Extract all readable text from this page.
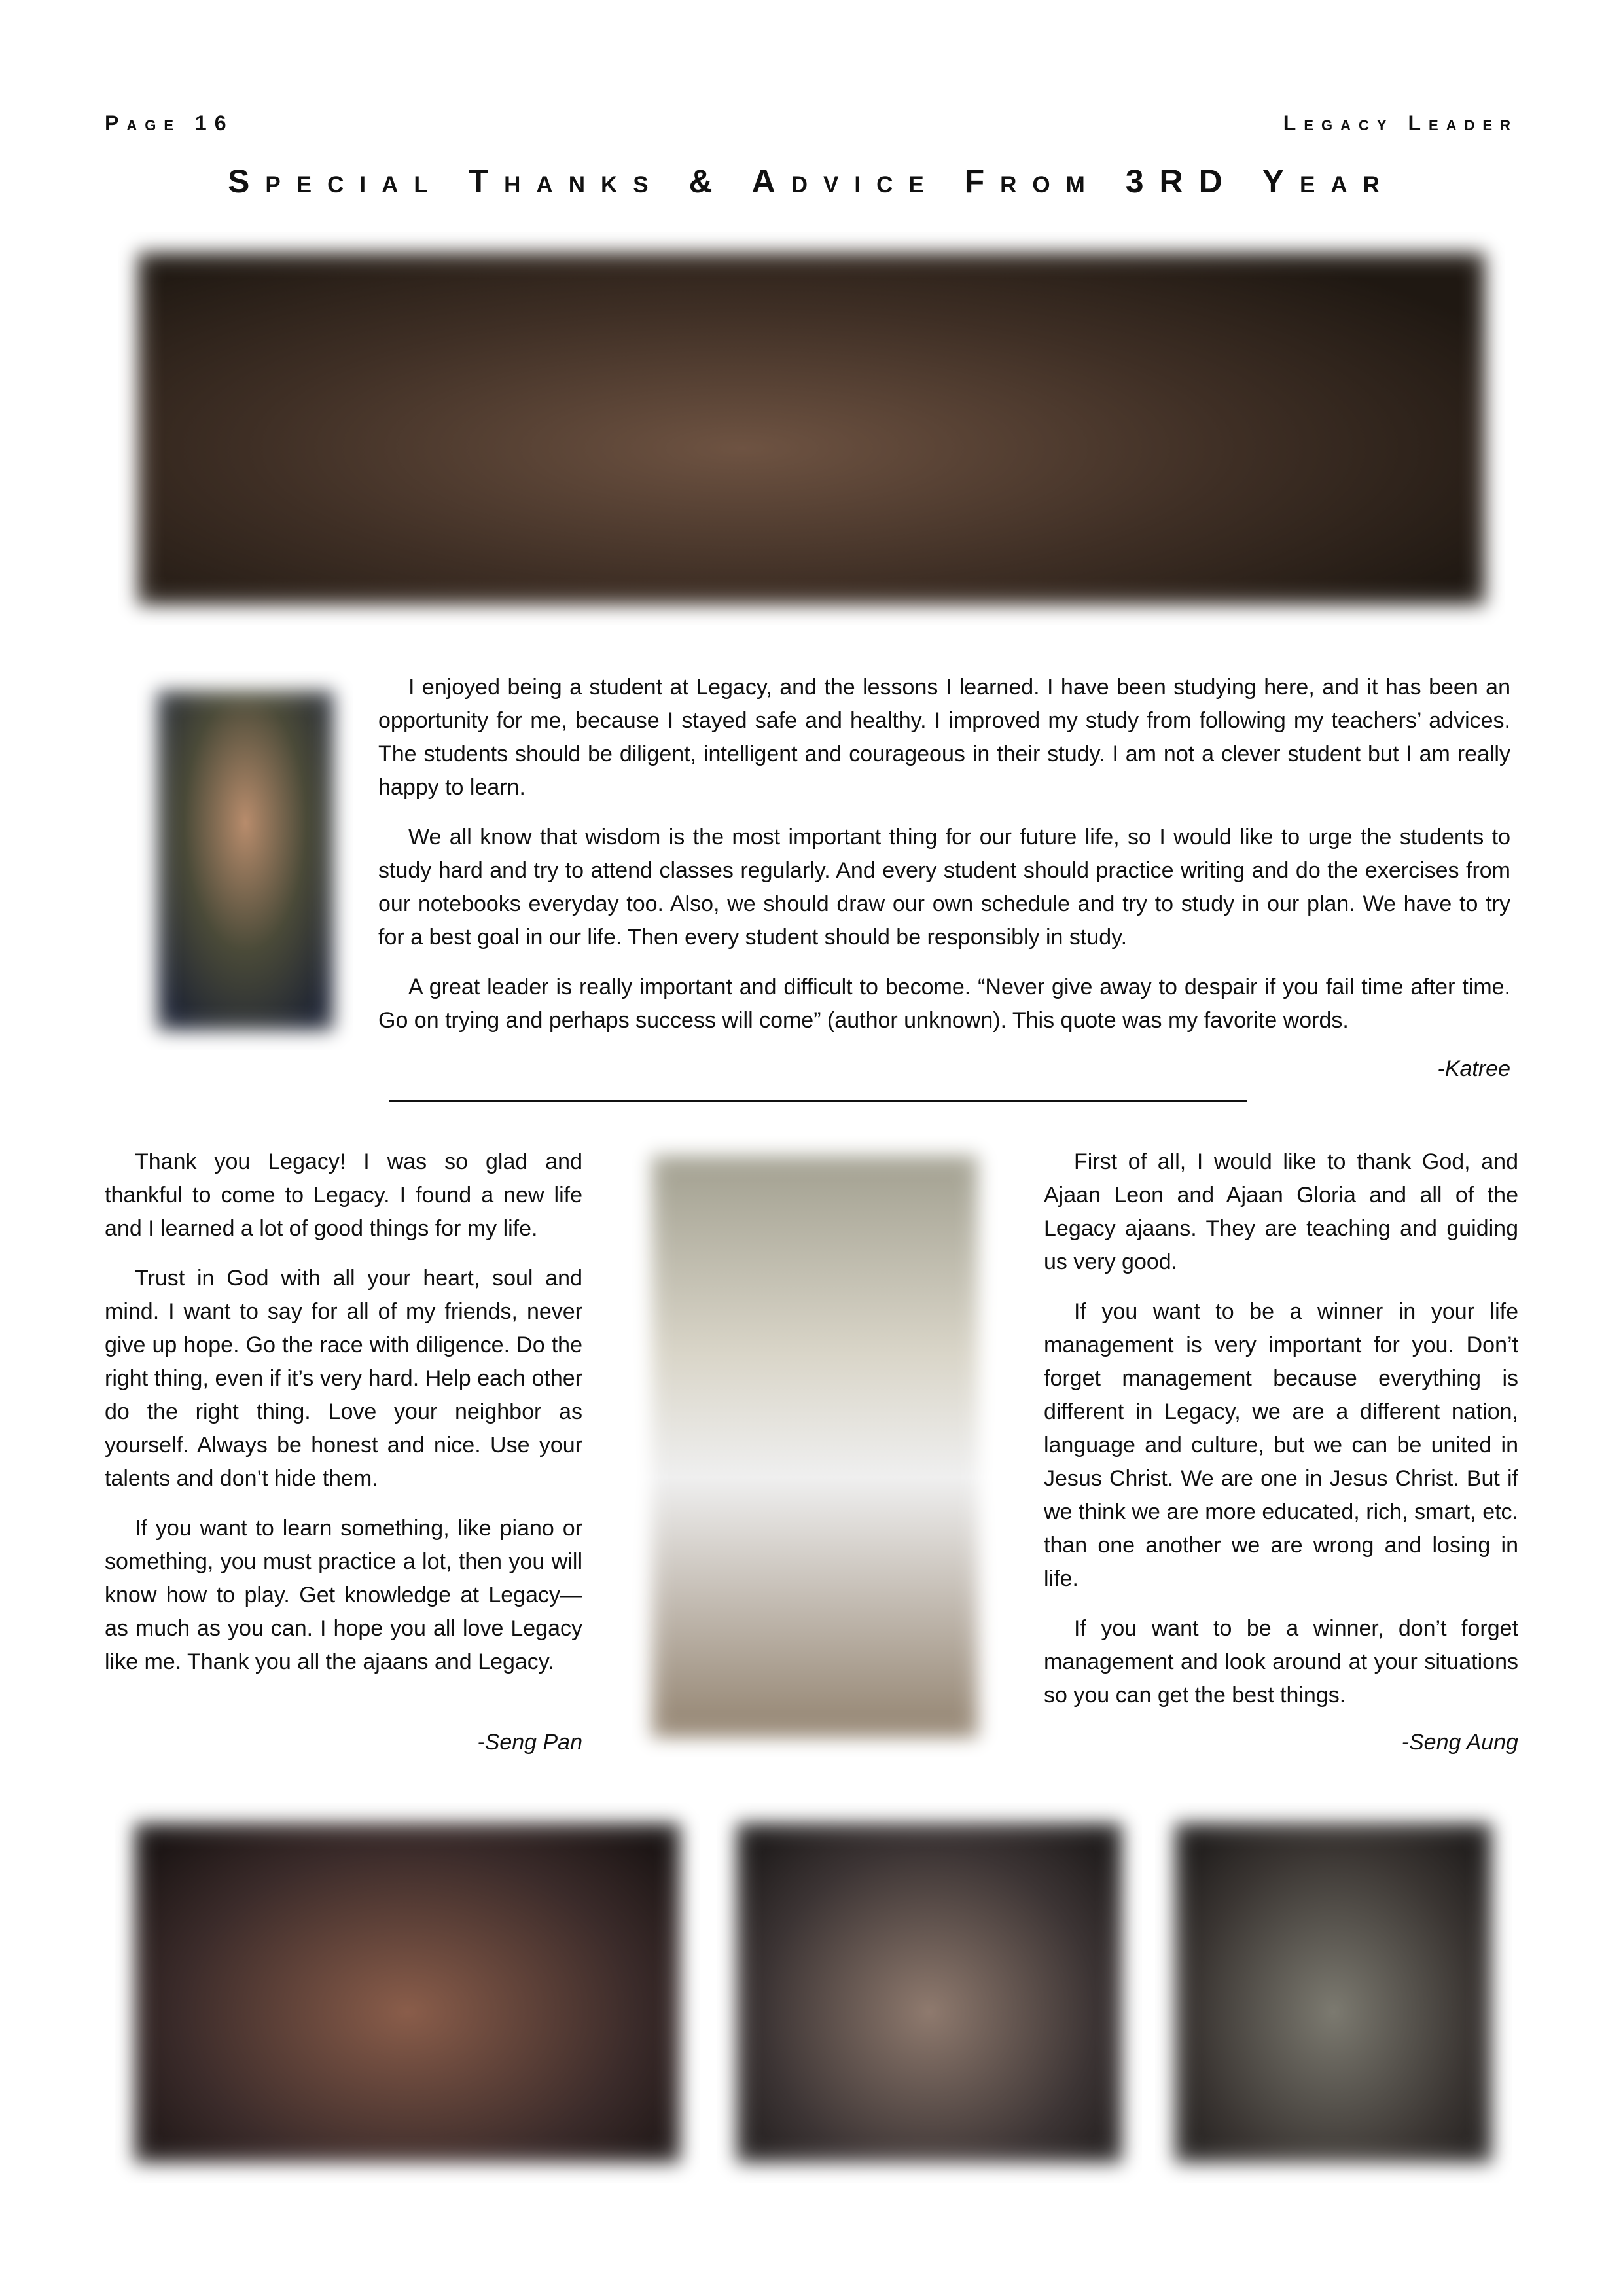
Page 16	Legacy Leader
Special Thanks & Advice From 3RD Year

I enjoyed being a student at Legacy, and the lessons I learned. I have been studying here, and it has been an opportunity for me, because I stayed safe and healthy. I improved my study from following my teachers’ advices. The students should be diligent, intelligent and courageous in their study. I am not a clever student but I am really happy to learn.

We all know that wisdom is the most important thing for our future life, so I would like to urge the students to study hard and try to attend classes regularly. And every student should practice writing and do the exercises from our notebooks everyday too. Also, we should draw our own schedule and try to study in our plan. We have to try for a best goal in our life. Then every student should be responsibly in study.

A great leader is really important and difficult to become. “Never give away to despair if you fail time after time. Go on trying and perhaps success will come” (author unknown). This quote was my favorite words.

-Katree

Thank you Legacy! I was so glad and thankful to come to Legacy. I found a new life and I learned a lot of good things for my life.

Trust in God with all your heart, soul and mind. I want to say for all of my friends, never give up hope. Go the race with diligence. Do the right thing, even if it’s very hard. Help each other do the right thing. Love your neighbor as yourself. Always be honest and nice. Use your talents and don’t hide them.

If you want to learn something, like piano or something, you must practice a lot, then you will know how to play. Get knowledge at Legacy—as much as you can. I hope you all love Legacy like me. Thank you all the ajaans and Legacy.

-Seng Pan

First of all, I would like to thank God, and Ajaan Leon and Ajaan Gloria and all of the Legacy ajaans. They are teaching and guiding us very good.

If you want to be a winner in your life management is very important for you. Don’t forget management because everything is different in Legacy, we are a different nation, language and culture, but we can be united in Jesus Christ. We are one in Jesus Christ. But if we think we are more educated, rich, smart, etc. than one another we are wrong and losing in life.

If you want to be a winner, don’t forget management and look around at your situations so you can get the best things.

-Seng Aung
